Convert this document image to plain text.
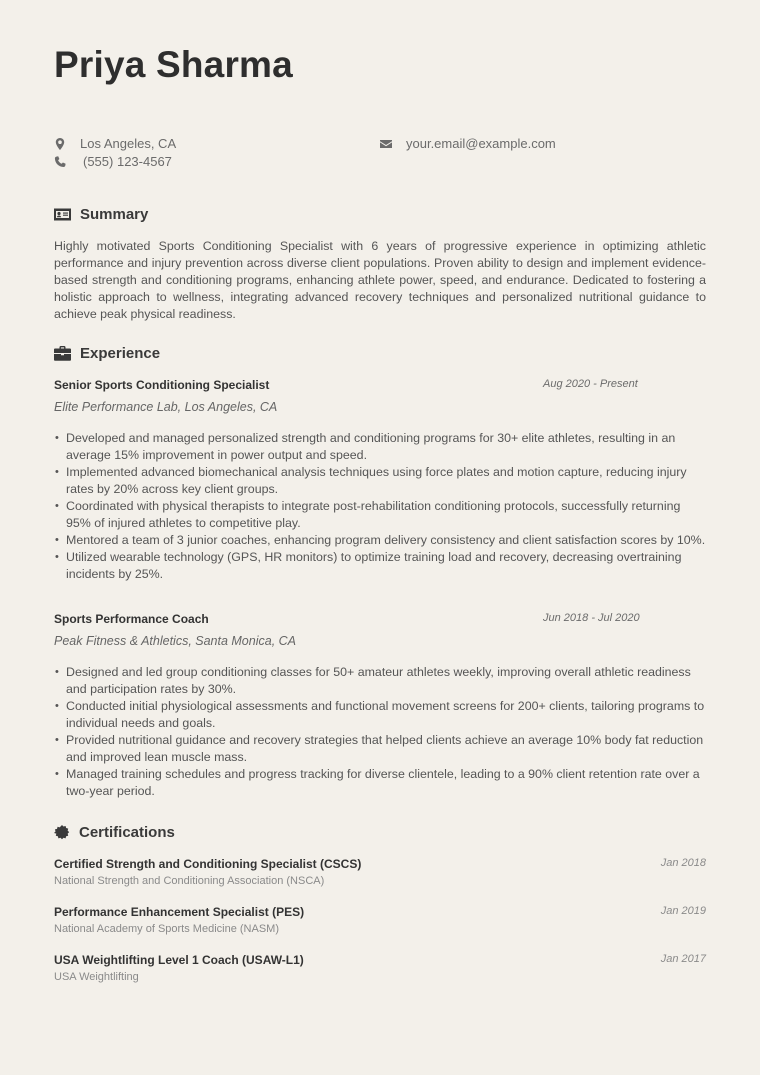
Priya Sharma
Los Angeles, CA
(555) 123-4567
your.email@example.com
Summary

Highly motivated Sports Conditioning Specialist with 6 years of progressive experience in optimizing athletic performance and injury prevention across diverse client populations. Proven ability to design and implement evidence-based strength and conditioning programs, enhancing athlete power, speed, and endurance. Dedicated to fostering a holistic approach to wellness, integrating advanced recovery techniques and personalized nutritional guidance to achieve peak physical readiness.

Experience
Senior Sports Conditioning Specialist	Aug 2020 - Present
Elite Performance Lab, Los Angeles, CA
• Developed and managed personalized strength and conditioning programs for 30+ elite athletes, resulting in an average 15% improvement in power output and speed.
• Implemented advanced biomechanical analysis techniques using force plates and motion capture, reducing injury rates by 20% across key client groups.
• Coordinated with physical therapists to integrate post-rehabilitation conditioning protocols, successfully returning 95% of injured athletes to competitive play.
• Mentored a team of 3 junior coaches, enhancing program delivery consistency and client satisfaction scores by 10%.
• Utilized wearable technology (GPS, HR monitors) to optimize training load and recovery, decreasing overtraining incidents by 25%.
Sports Performance Coach	Jun 2018 - Jul 2020
Peak Fitness & Athletics, Santa Monica, CA
• Designed and led group conditioning classes for 50+ amateur athletes weekly, improving overall athletic readiness and participation rates by 30%.
• Conducted initial physiological assessments and functional movement screens for 200+ clients, tailoring programs to individual needs and goals.
• Provided nutritional guidance and recovery strategies that helped clients achieve an average 10% body fat reduction and improved lean muscle mass.
• Managed training schedules and progress tracking for diverse clientele, leading to a 90% client retention rate over a two-year period.
Certifications
Certified Strength and Conditioning Specialist (CSCS)	Jan 2018
National Strength and Conditioning Association (NSCA)
Performance Enhancement Specialist (PES)	Jan 2019
National Academy of Sports Medicine (NASM)
USA Weightlifting Level 1 Coach (USAW-L1)	Jan 2017
USA Weightlifting
